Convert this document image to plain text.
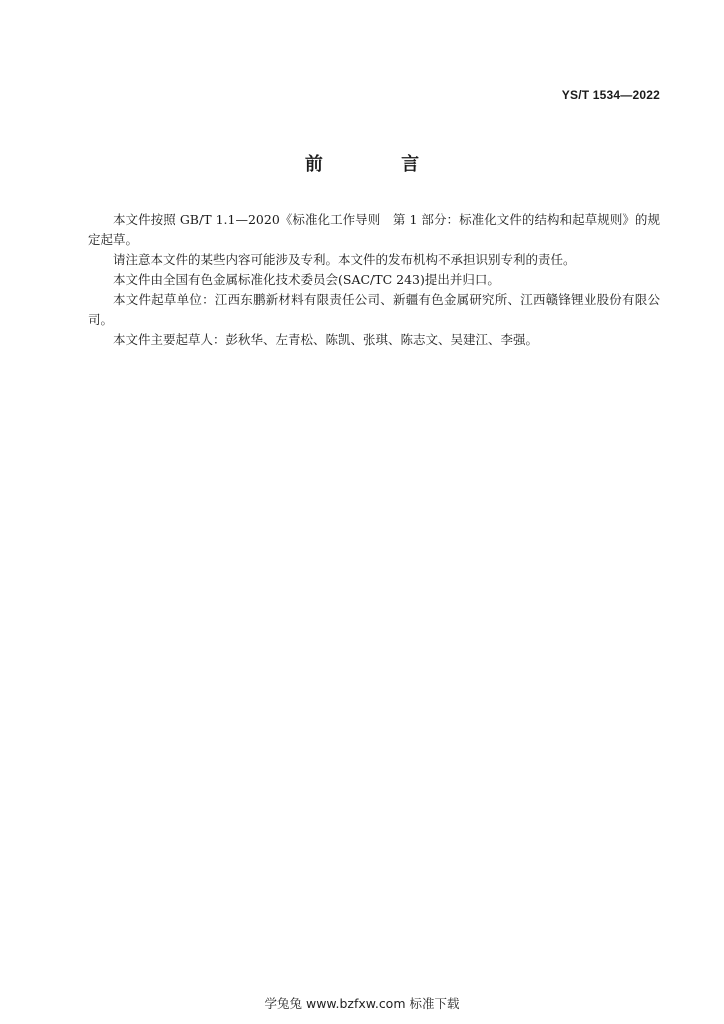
YS/T 1534—2022
前 言

本文件按照 GB/T 1.1—2020《标准化工作导则　第 1 部分：标准化文件的结构和起草规则》的规定起草。

请注意本文件的某些内容可能涉及专利。本文件的发布机构不承担识别专利的责任。

本文件由全国有色金属标准化技术委员会(SAC/TC 243)提出并归口。

本文件起草单位：江西东鹏新材料有限责任公司、新疆有色金属研究所、江西赣锋锂业股份有限公司。

本文件主要起草人：彭秋华、左青松、陈凯、张琪、陈志文、吴建江、李强。

学兔兔 www.bzfxw.com 标准下载
